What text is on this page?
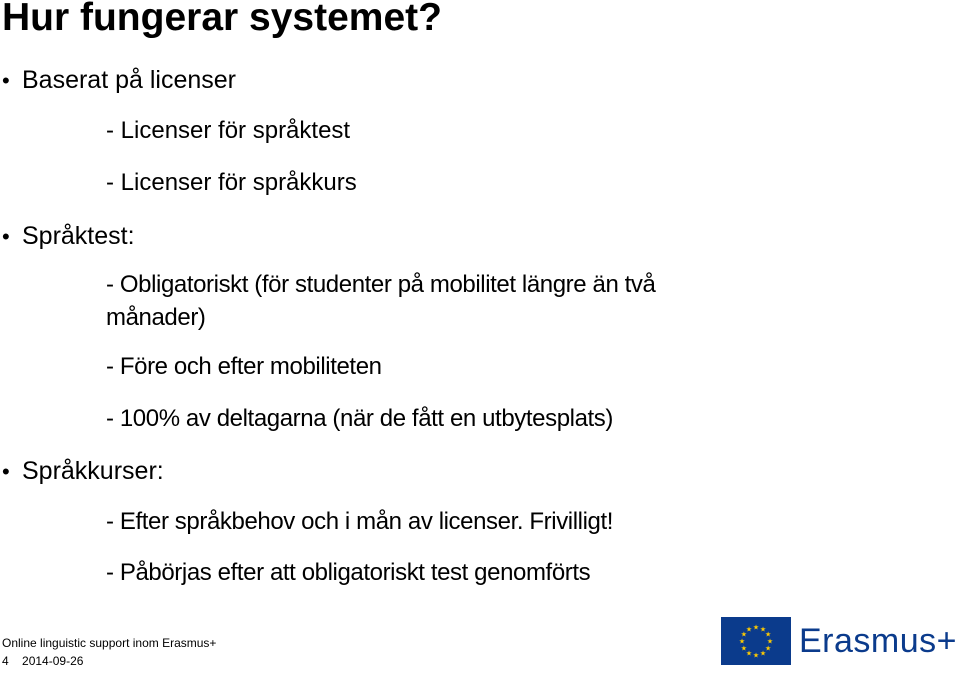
Hur fungerar systemet?
• Baserat på licenser
• Språktest:
• Språkkurser:
- Licenser för språktest
- Licenser för språkkurs
- Obligatoriskt (för studenter på mobilitet längre än två
månader)
- Före och efter mobiliteten
- 100% av deltagarna (när de fått en utbytesplats)
- Efter språkbehov och i mån av licenser. Frivilligt!
- Påbörjas efter att obligatoriskt test genomförts
Online linguistic support inom Erasmus+
4 2014-09-26
★ ★
★
★
★
★
★
★
★
★
★
★ Erasmus+
